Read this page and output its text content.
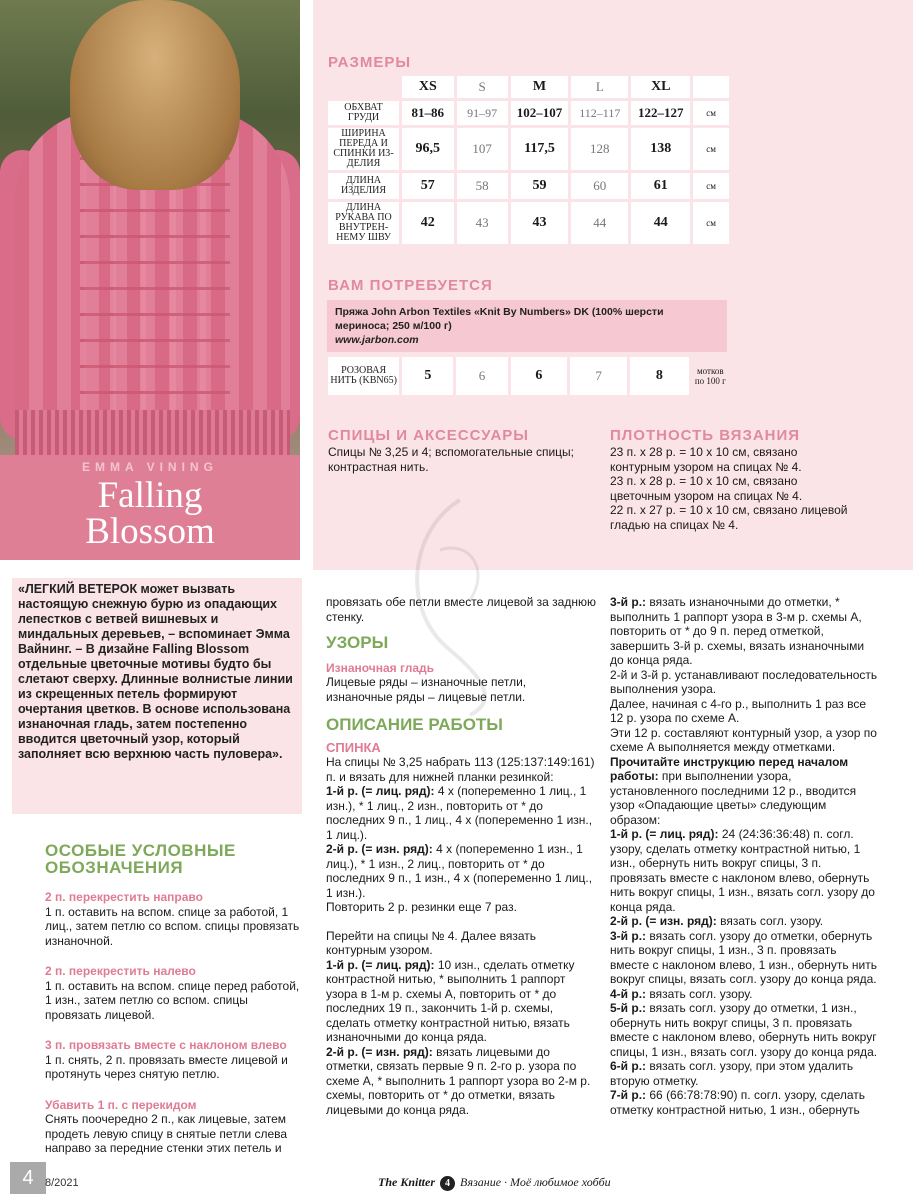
EMMA VINING
Falling
Blossom
РАЗМЕРЫ
	XS	S	M	L	XL	
ОБХВАТ ГРУДИ	81–86	91–97	102–107	112–117	122–127	см
ШИРИНА ПЕРЕДА И СПИНКИ ИЗ-ДЕЛИЯ	96,5	107	117,5	128	138	см
ДЛИНА ИЗДЕЛИЯ	57	58	59	60	61	см
ДЛИНА РУКАВА ПО ВНУТРЕН-НЕМУ ШВУ	42	43	43	44	44	см
ВАМ ПОТРЕБУЕТСЯ
Пряжа John Arbon Textiles «Knit By Numbers» DK (100% шерсти мериноса; 250 м/100 г)
www.jarbon.com
РОЗОВАЯ НИТЬ (KBN65)	5	6	6	7	8	мотков по 100 г
СПИЦЫ И АКСЕССУАРЫ
Спицы № 3,25 и 4; вспомогательные спицы; контрастная нить.
ПЛОТНОСТЬ ВЯЗАНИЯ
23 п. х 28 р. = 10 х 10 см, связано контурным узором на спицах № 4.
23 п. х 28 р. = 10 х 10 см, связано цветочным узором на спицах № 4.
22 п. х 27 р. = 10 х 10 см, связано лицевой гладью на спицах № 4.
«ЛЕГКИЙ ВЕТЕРОК может вызвать настоящую снежную бурю из опадающих лепестков с ветвей вишневых и миндальных деревьев, – вспоминает Эмма Вайнинг. – В дизайне Falling Blossom отдельные цветочные мотивы будто бы слетают сверху. Длинные волнистые линии из скрещенных петель формируют очертания цветков. В основе использована изнаночная гладь, затем постепенно вводится цветочный узор, который заполняет всю верхнюю часть пуловера».
ОСОБЫЕ УСЛОВНЫЕ ОБОЗНАЧЕНИЯ
2 п. перекрестить направо
1 п. оставить на вспом. спице за работой, 1 лиц., затем петлю со вспом. спицы провязать изнаночной.
2 п. перекрестить налево
1 п. оставить на вспом. спице перед работой, 1 изн., затем петлю со вспом. спицы провязать лицевой.
3 п. провязать вместе с наклоном влево
1 п. снять, 2 п. провязать вместе лицевой и протянуть через снятую петлю.
Убавить 1 п. с перекидом
Снять поочередно 2 п., как лицевые, затем продеть левую спицу в снятые петли слева направо за передние стенки этих петель и
провязать обе петли вместе лицевой за заднюю стенку.
УЗОРЫ
Изнаночная гладь
Лицевые ряды – изнаночные петли, изнаночные ряды – лицевые петли.
ОПИСАНИЕ РАБОТЫ
СПИНКА
На спицы № 3,25 набрать 113 (125:137:149:161) п. и вязать для нижней планки резинкой:
1-й р. (= лиц. ряд): 4 х (попеременно 1 лиц., 1 изн.), * 1 лиц., 2 изн., повторить от * до последних 9 п., 1 лиц., 4 х (попеременно 1 изн., 1 лиц.).
2-й р. (= изн. ряд): 4 х (попеременно 1 изн., 1 лиц.), * 1 изн., 2 лиц., повторить от * до последних 9 п., 1 изн., 4 х (попеременно 1 лиц., 1 изн.).
Повторить 2 р. резинки еще 7 раз.
Перейти на спицы № 4. Далее вязать контурным узором.
1-й р. (= лиц. ряд): 10 изн., сделать отметку контрастной нитью, * выполнить 1 раппорт узора в 1-м р. схемы А, повторить от * до последних 19 п., закончить 1-й р. схемы, сделать отметку контрастной нитью, вязать изнаночными до конца ряда.
2-й р. (= изн. ряд): вязать лицевыми до отметки, связать первые 9 п. 2-го р. узора по схеме А, * выполнить 1 раппорт узора во 2-м р. схемы, повторить от * до отметки, вязать лицевыми до конца ряда.
3-й р.: вязать изнаночными до отметки, * выполнить 1 раппорт узора в 3-м р. схемы А, повторить от * до 9 п. перед отметкой, завершить 3-й р. схемы, вязать изнаночными до конца ряда.
2-й и 3-й р. устанавливают последовательность выполнения узора.
Далее, начиная с 4-го р., выполнить 1 раз все 12 р. узора по схеме А.
Эти 12 р. составляют контурный узор, а узор по схеме А выполняется между отметками.
Прочитайте инструкцию перед началом работы: при выполнении узора, установленного последними 12 р., вводится узор «Опадающие цветы» следующим образом:
1-й р. (= лиц. ряд): 24 (24:36:36:48) п. согл. узору, сделать отметку контрастной нитью, 1 изн., обернуть нить вокруг спицы, 3 п. провязать вместе с наклоном влево, обернуть нить вокруг спицы, 1 изн., вязать согл. узору до конца ряда.
2-й р. (= изн. ряд): вязать согл. узору.
3-й р.: вязать согл. узору до отметки, обернуть нить вокруг спицы, 1 изн., 3 п. провязать вместе с наклоном влево, 1 изн., обернуть нить вокруг спицы, вязать согл. узору до конца ряда.
4-й р.: вязать согл. узору.
5-й р.: вязать согл. узору до отметки, 1 изн., обернуть нить вокруг спицы, 3 п. провязать вместе с наклоном влево, обернуть нить вокруг спицы, 1 изн., вязать согл. узору до конца ряда.
6-й р.: вязать согл. узору, при этом удалить вторую отметку.
7-й р.: 66 (66:78:78:90) п. согл. узору, сделать отметку контрастной нитью, 1 изн., обернуть
4	8/2021	The Knitter 4 Вязание · Моё любимое хобби
